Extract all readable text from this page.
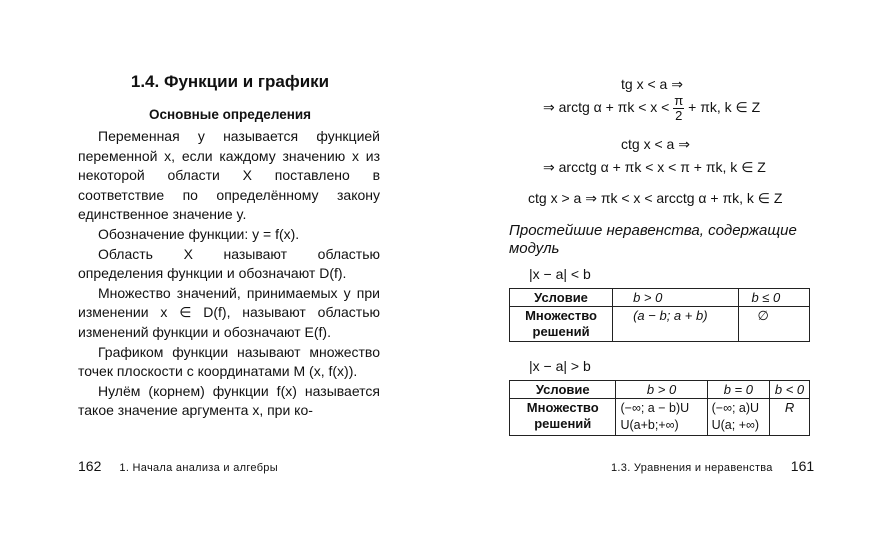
1.4. Функции и графики
Основные определения

Переменная y называется функцией переменной x, если каждому значению x из некоторой области X поставлено в соответствие по определённому закону единственное значение y.

Обозначение функции: y = f(x).

Область X называют областью определения функции и обозначают D(f).

Множество значений, принимаемых y при изменении x ∈ D(f), называют областью изменений функции и обозначают E(f).

Графиком функции называют множество точек плоскости с координатами M (x, f(x)).

Нулём (корнем) функции f(x) называется такое значение аргумента x, при ко-

162 1. Начала анализа и алгебры
tg x < a ⇒
⇒ arctg $\alpha + \pi k < x < \frac{\pi}{2} + \pi k$, k ∈ Z
ctg x < a ⇒
⇒ arcctg α + πk < x < π + πk, k ∈ Z
ctg x > a ⇒ πk < x < arcctg α + πk, k ∈ Z
Простейшие неравенства, содержащие модуль
|x − a| < b
Условие	b > 0	b ≤ 0
Множество решений	(a − b; a + b)	∅
|x − a| > b
Условие	b > 0	b = 0	b < 0
Множество решений	(−∞; a − b)U U(a+b;+∞)	(−∞; a)U U(a; +∞)	R
1.3. Уравнения и неравенства 161
